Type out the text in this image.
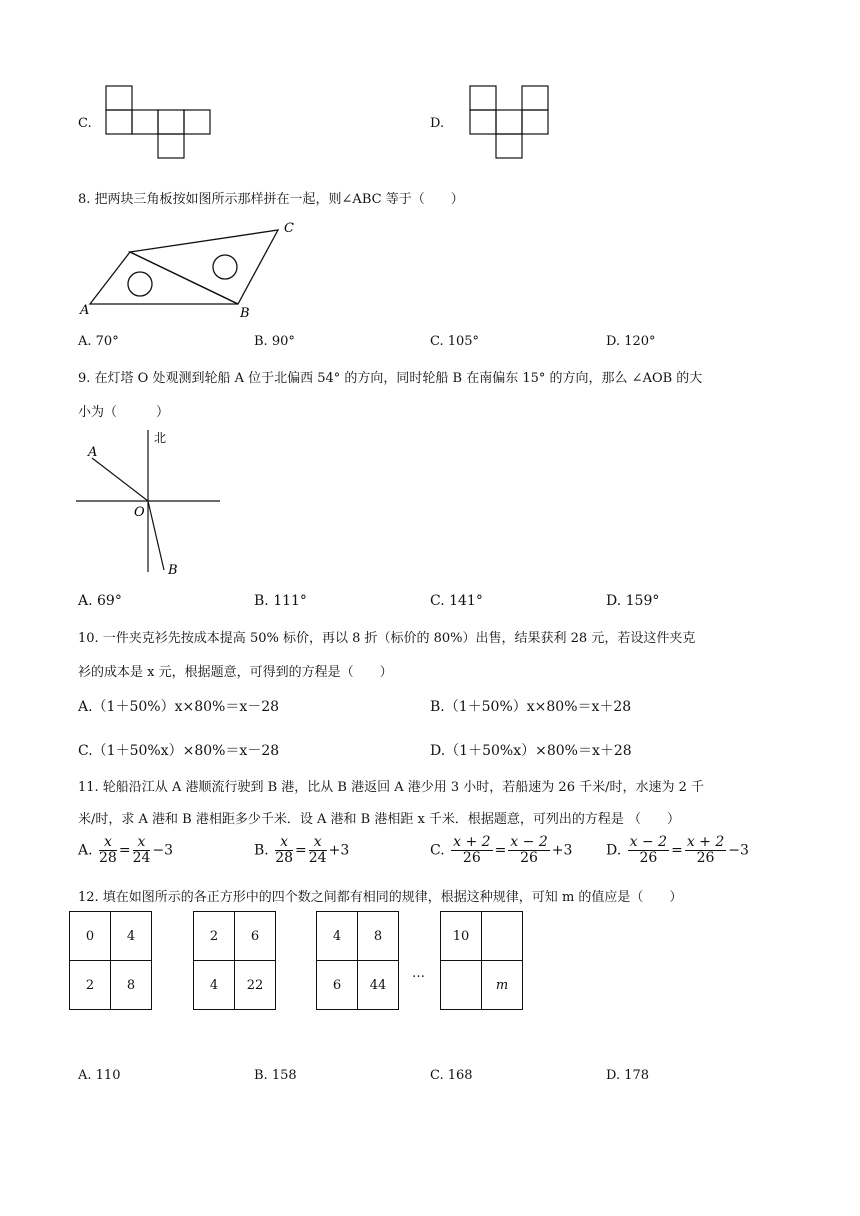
C.	D.
8. 把两块三角板按如图所示那样拼在一起，则∠ABC 等于（　　）
A	B
C
A. 70°	B. 90°	C. 105°	D. 120°
9. 在灯塔 O 处观测到轮船 A 位于北偏西 54° 的方向，同时轮船 B 在南偏东 15° 的方向，那么 ∠AOB 的大
小为（　　　）
北
A
O
B
A. 69°	B. 111°	C. 141°	D. 159°
10. 一件夹克衫先按成本提高 50% 标价，再以 8 折（标价的 80%）出售，结果获利 28 元，若设这件夹克
衫的成本是 x 元，根据题意，可得到的方程是（　　）
A.（1＋50%）x×80%＝x－28	B.（1＋50%）x×80%＝x＋28
C.（1＋50%x）×80%＝x－28	D.（1＋50%x）×80%＝x＋28
11. 轮船沿江从 A 港顺流行驶到 B 港，比从 B 港返回 A 港少用 3 小时，若船速为 26 千米/时，水速为 2 千
米/时，求 A 港和 B 港相距多少千米．设 A 港和 B 港相距 x 千米．根据题意，可列出的方程是 （　　）
A. $\frac{x}{28} = \frac{x}{24} -3$	B. $\frac{x}{28} = \frac{x}{24} +3$	C. $\frac{x + 2}{26} = \frac{x - 2}{26} +3$ D. $\frac{x - 2}{26} = \frac{x + 2}{26} -3$
12. 填在如图所示的各正方形中的四个数之间都有相同的规律，根据这种规律，可知 m 的值应是（　　）
0	4
2	8
2	6
4	22
4	8
6	44
…
10	
	m
A. 110	B. 158	C. 168	D. 178
